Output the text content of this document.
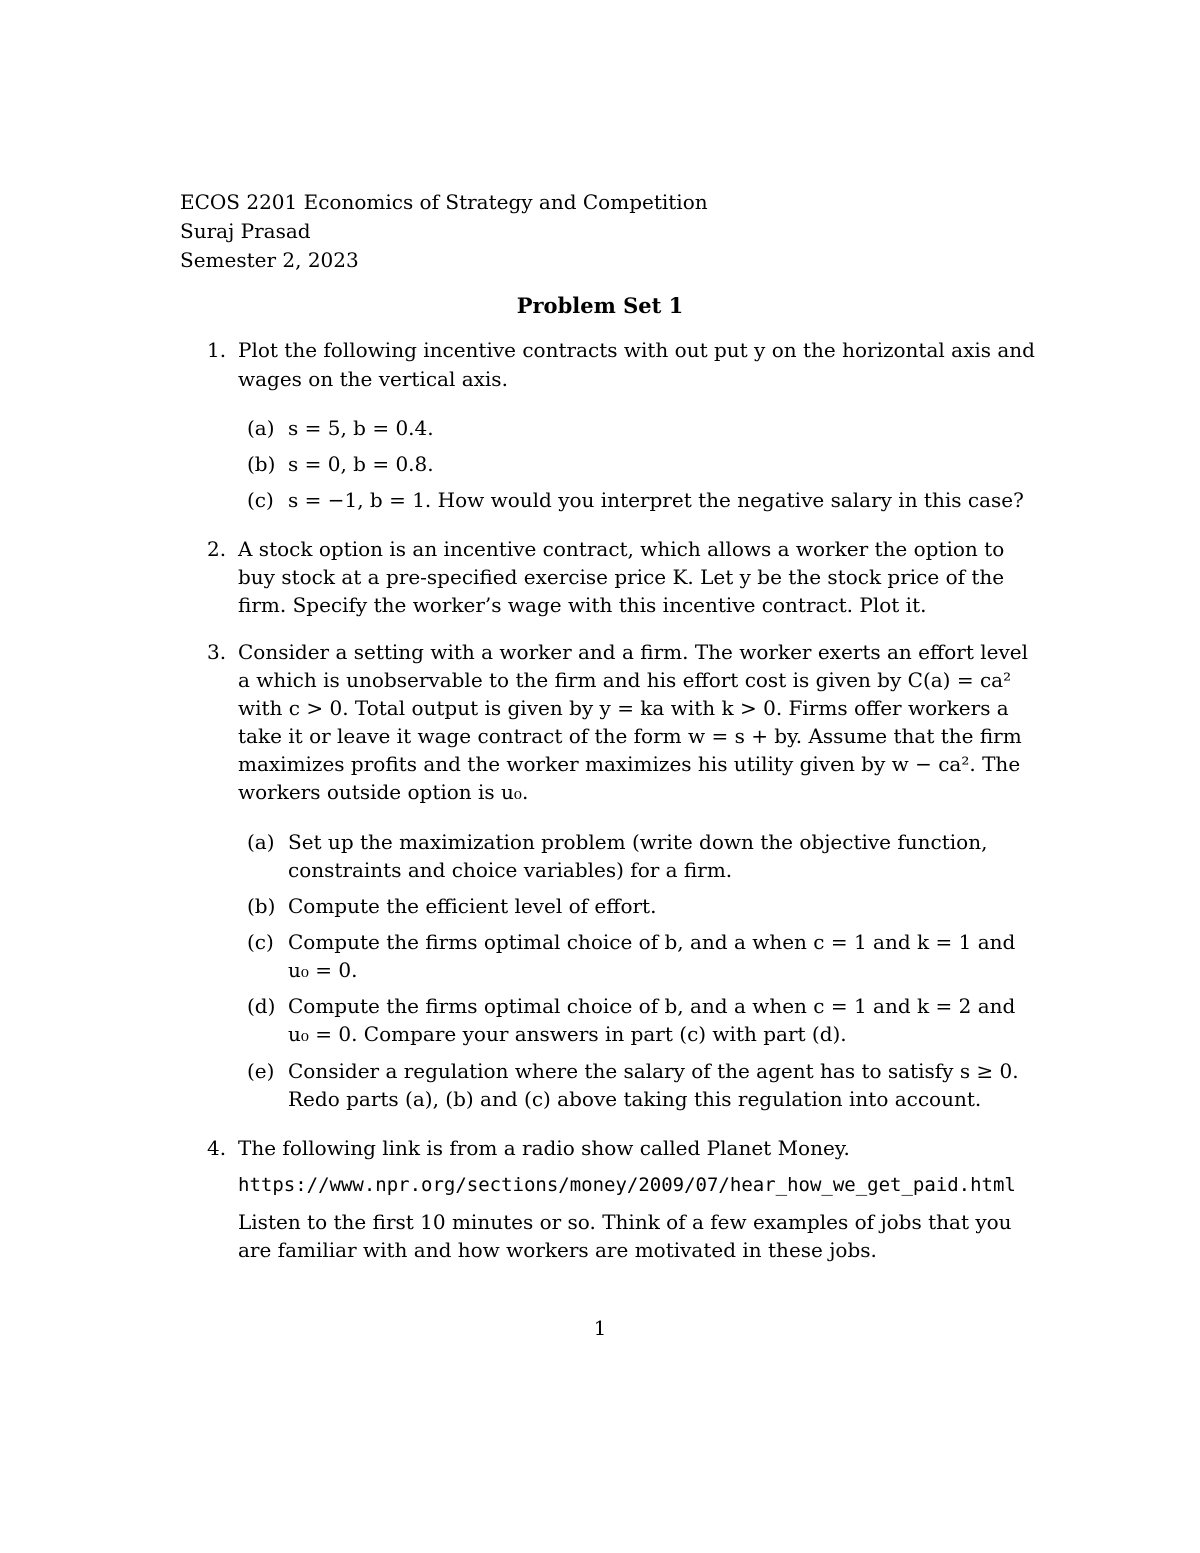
ECOS 2201 Economics of Strategy and Competition
Suraj Prasad
Semester 2, 2023
Problem Set 1
1. Plot the following incentive contracts with out put y on the horizontal axis and
wages on the vertical axis.
(a) s = 5, b = 0.4.
(b) s = 0, b = 0.8.
(c) s = −1, b = 1. How would you interpret the negative salary in this case?
2. A stock option is an incentive contract, which allows a worker the option to
buy stock at a pre-specified exercise price K. Let y be the stock price of the
firm. Specify the worker’s wage with this incentive contract. Plot it.
3. Consider a setting with a worker and a firm. The worker exerts an effort level
a which is unobservable to the firm and his effort cost is given by C(a) = ca²
with c > 0. Total output is given by y = ka with k > 0. Firms offer workers a
take it or leave it wage contract of the form w = s + by. Assume that the firm
maximizes profits and the worker maximizes his utility given by w − ca². The
workers outside option is u₀.
(a) Set up the maximization problem (write down the objective function,
constraints and choice variables) for a firm.
(b) Compute the efficient level of effort.
(c) Compute the firms optimal choice of b, and a when c = 1 and k = 1 and
u₀ = 0.
(d) Compute the firms optimal choice of b, and a when c = 1 and k = 2 and
u₀ = 0. Compare your answers in part (c) with part (d).
(e) Consider a regulation where the salary of the agent has to satisfy s ≥ 0.
Redo parts (a), (b) and (c) above taking this regulation into account.
4. The following link is from a radio show called Planet Money.
https://www.npr.org/sections/money/2009/07/hear_how_we_get_paid.html
Listen to the first 10 minutes or so. Think of a few examples of jobs that you
are familiar with and how workers are motivated in these jobs.
1
